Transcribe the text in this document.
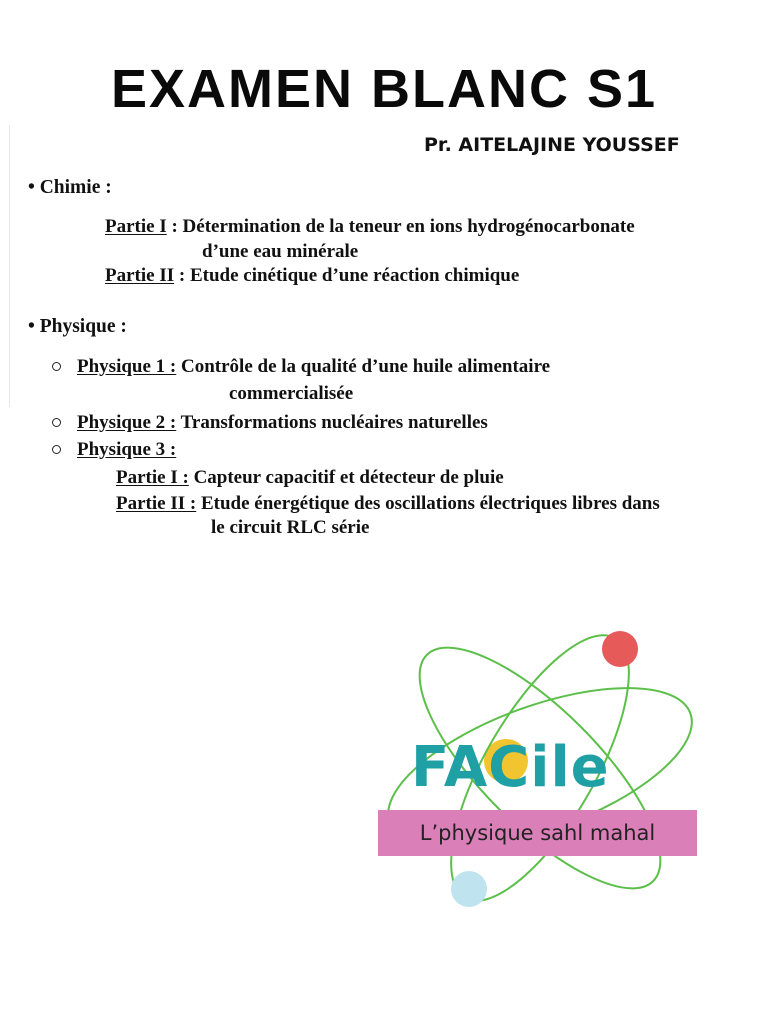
EXAMEN BLANC S1
Pr. AITELAJINE YOUSSEF
• Chimie :
Partie I : Détermination de la teneur en ions hydrogénocarbonate
d’une eau minérale
Partie II : Etude cinétique d’une réaction chimique
• Physique :
Physique 1 : Contrôle de la qualité d’une huile alimentaire
commercialisée
Physique 2 : Transformations nucléaires naturelles
Physique 3 :
Partie I : Capteur capacitif et détecteur de pluie
Partie II : Etude énergétique des oscillations électriques libres dans
le circuit RLC série
FACile
L’physique sahl mahal
